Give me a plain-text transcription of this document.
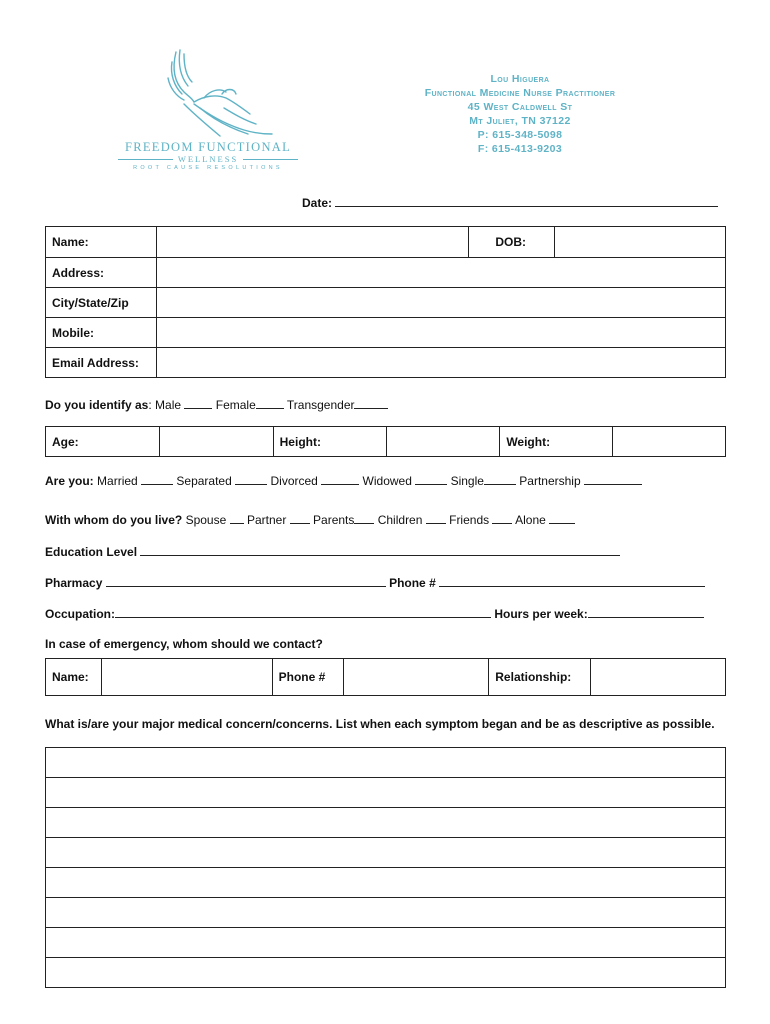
FREEDOM FUNCTIONAL
WELLNESS
ROOT CAUSE RESOLUTIONS
Lou Higuera
Functional Medicine Nurse Practitioner
45 West Caldwell St
Mt Juliet, TN 37122
P: 615-348-5098
F: 615-413-9203
Date:
Name:		DOB:	
Address:			
City/State/Zip			
Mobile:			
Email Address:			
Do you identify as: Male	Female	Transgender
Age:		Height:		Weight:	
Are you: Married	Separated	Divorced	Widowed	Single	Partnership
With whom do you live? Spouse Partner Parents Children Friends Alone
Education Level
Pharmacy	Phone #
Occupation:	Hours per week:
In case of emergency, whom should we contact?
Name:		Phone #		Relationship:	
What is/are your major medical concern/concerns. List when each symptom began and be as descriptive as possible.
